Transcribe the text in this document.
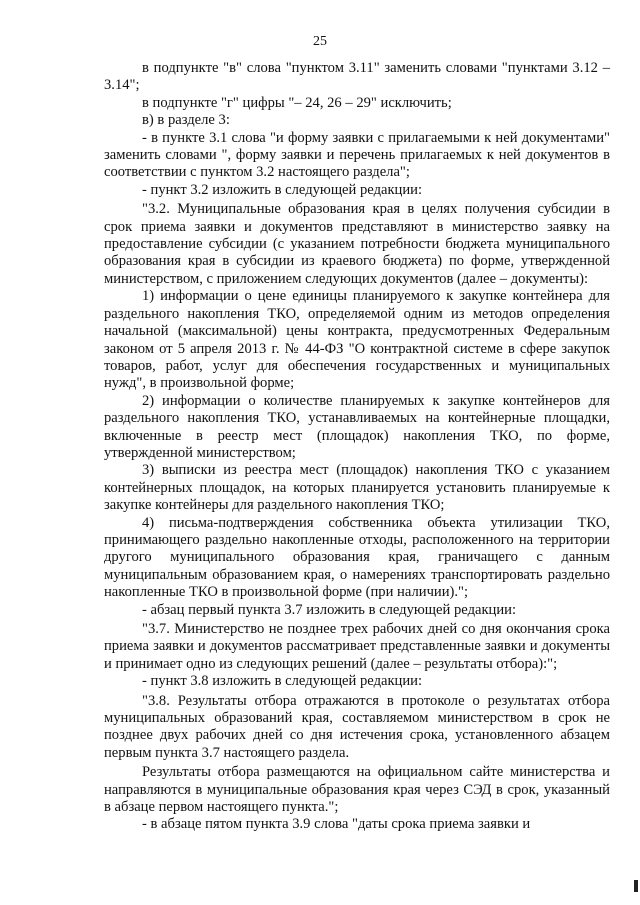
25

в подпункте "в" слова "пунктом 3.11" заменить словами "пунктами 3.12 – 3.14";

в подпункте "г" цифры "– 24, 26 – 29" исключить;

в) в разделе 3:

- в пункте 3.1 слова "и форму заявки с прилагаемыми к ней документами" заменить словами ", форму заявки и перечень прилагаемых к ней документов в соответствии с пунктом 3.2 настоящего раздела";

- пункт 3.2 изложить в следующей редакции:

"3.2. Муниципальные образования края в целях получения субсидии в срок приема заявки и документов представляют в министерство заявку на предоставление субсидии (с указанием потребности бюджета муниципального образования края в субсидии из краевого бюджета) по форме, утвержденной министерством, с приложением следующих документов (далее – документы):

1) информации о цене единицы планируемого к закупке контейнера для раздельного накопления ТКО, определяемой одним из методов определения начальной (максимальной) цены контракта, предусмотренных Федеральным законом от 5 апреля 2013 г. № 44-ФЗ "О контрактной системе в сфере закупок товаров, работ, услуг для обеспечения государственных и муниципальных нужд", в произвольной форме;

2) информации о количестве планируемых к закупке контейнеров для раздельного накопления ТКО, устанавливаемых на контейнерные площадки, включенные в реестр мест (площадок) накопления ТКО, по форме, утвержденной министерством;

3) выписки из реестра мест (площадок) накопления ТКО с указанием контейнерных площадок, на которых планируется установить планируемые к закупке контейнеры для раздельного накопления ТКО;

4) письма-подтверждения собственника объекта утилизации ТКО, принимающего раздельно накопленные отходы, расположенного на территории другого муниципального образования края, граничащего с данным муниципальным образованием края, о намерениях транспортировать раздельно накопленные ТКО в произвольной форме (при наличии).";

- абзац первый пункта 3.7 изложить в следующей редакции:

"3.7. Министерство не позднее трех рабочих дней со дня окончания срока приема заявки и документов рассматривает представленные заявки и документы и принимает одно из следующих решений (далее – результаты отбора):";

- пункт 3.8 изложить в следующей редакции:

"3.8. Результаты отбора отражаются в протоколе о результатах отбора муниципальных образований края, составляемом министерством в срок не позднее двух рабочих дней со дня истечения срока, установленного абзацем первым пункта 3.7 настоящего раздела.

Результаты отбора размещаются на официальном сайте министерства и направляются в муниципальные образования края через СЭД в срок, указанный в абзаце первом настоящего пункта.";

- в абзаце пятом пункта 3.9 слова "даты срока приема заявки и
